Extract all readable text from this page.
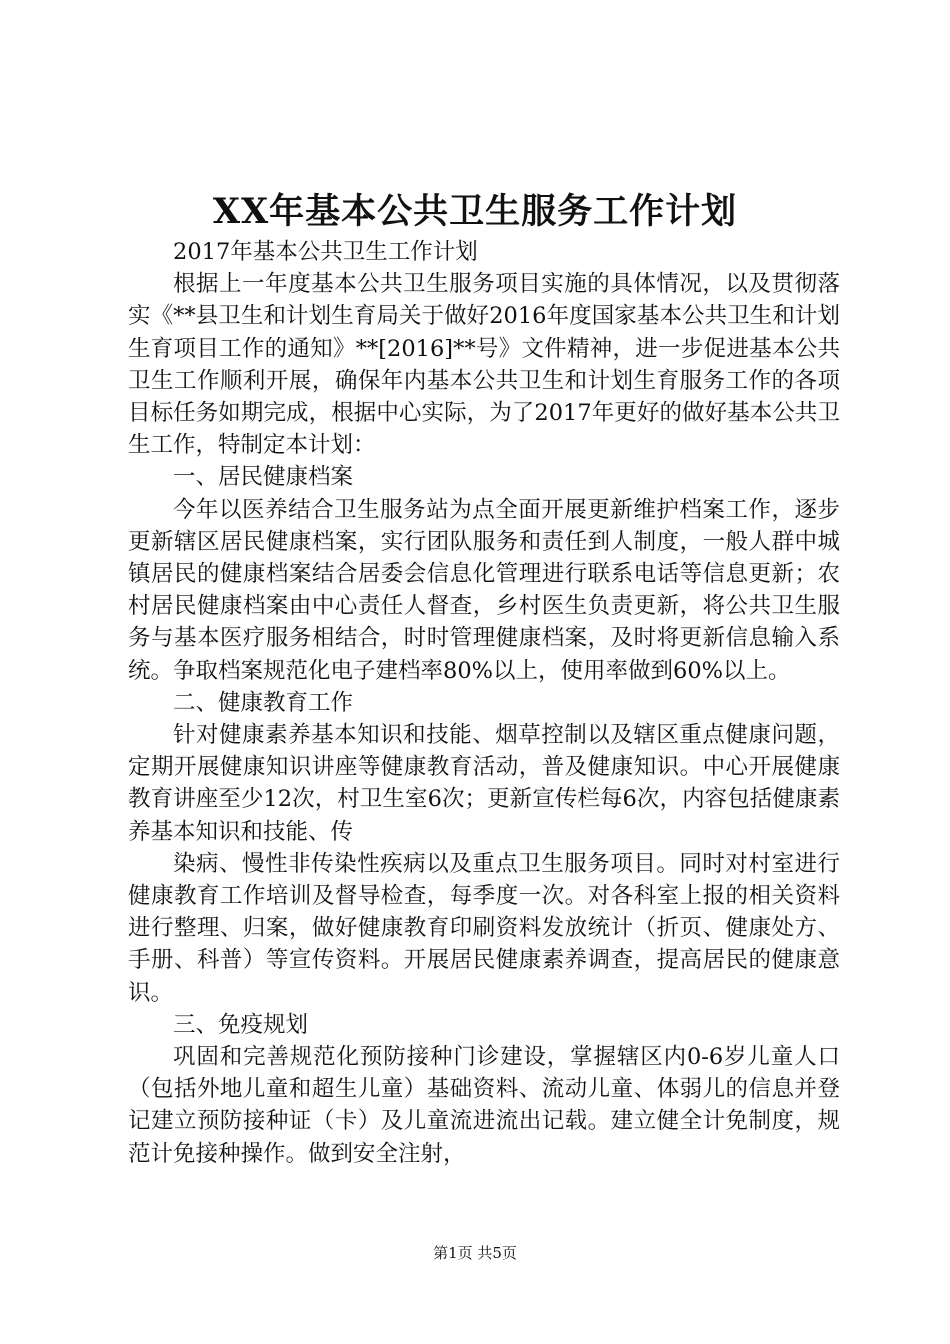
XX年基本公共卫生服务工作计划

2017年基本公共卫生工作计划

根据上一年度基本公共卫生服务项目实施的具体情况，以及贯彻落实《**县卫生和计划生育局关于做好2016年度国家基本公共卫生和计划生育项目工作的通知》**[2016]**号》文件精神，进一步促进基本公共卫生工作顺利开展，确保年内基本公共卫生和计划生育服务工作的各项目标任务如期完成，根据中心实际，为了2017年更好的做好基本公共卫生工作，特制定本计划：

一、居民健康档案

今年以医养结合卫生服务站为点全面开展更新维护档案工作，逐步更新辖区居民健康档案，实行团队服务和责任到人制度，一般人群中城镇居民的健康档案结合居委会信息化管理进行联系电话等信息更新；农村居民健康档案由中心责任人督查，乡村医生负责更新，将公共卫生服务与基本医疗服务相结合，时时管理健康档案，及时将更新信息输入系统。争取档案规范化电子建档率80%以上，使用率做到60%以上。

二、健康教育工作

针对健康素养基本知识和技能、烟草控制以及辖区重点健康问题，定期开展健康知识讲座等健康教育活动，普及健康知识。中心开展健康教育讲座至少12次，村卫生室6次；更新宣传栏每6次，内容包括健康素养基本知识和技能、传

染病、慢性非传染性疾病以及重点卫生服务项目。同时对村室进行健康教育工作培训及督导检查，每季度一次。对各科室上报的相关资料进行整理、归案，做好健康教育印刷资料发放统计（折页、健康处方、手册、科普）等宣传资料。开展居民健康素养调查，提高居民的健康意识。

三、免疫规划

巩固和完善规范化预防接种门诊建设，掌握辖区内0-6岁儿童人口（包括外地儿童和超生儿童）基础资料、流动儿童、体弱儿的信息并登记建立预防接种证（卡）及儿童流进流出记载。建立健全计免制度，规范计免接种操作。做到安全注射，

第1页 共5页
